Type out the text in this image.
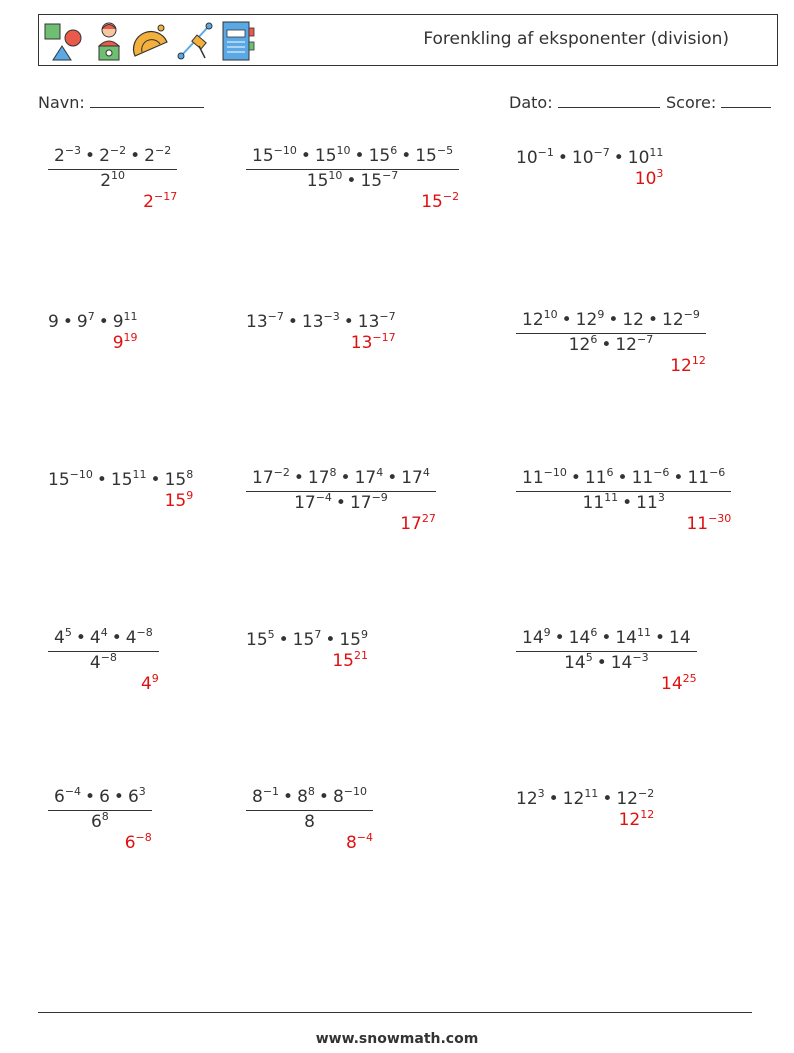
Forenkling af eksponenter (division)
Navn:	Dato:	Score:
$\frac{2^{-3} • 2^{-2} • 2^{-2}}{2^{10}}$
$2^{-17}$
$\frac{15^{-10} • 15^{10} • 15^6 • 15^{-5}}{15^{10} • 15^{-7}}$
$15^{-2}$
$10^{-1}$ • $10^{-7}$ • $10^{11}$
$10^3$
9 • $9^7$ • $9^{11}$
$9^{19}$
$13^{-7}$ • $13^{-3}$ • $13^{-7}$
$13^{-17}$	$\frac{12^{10} • 12^9 • 12 • 12^{-9}}{12^6 • 12^{-7}}$
$12^{12}$
$15^{-10}$ • $15^{11}$ • $15^8$
$15^9$	$\frac{17^{-2} • 17^8 • 17^4 • 17^4}{17^{-4} • 17^{-9}}$
$17^{27}$
$\frac{11^{-10} • 11^6 • 11^{-6} • 11^{-6}}{11^{11} • 11^3}$
$11^{-30}$
$\frac{4^5 • 4^4 • 4^{-8}}{4^{-8}}$
$4^9$
$15^5$ • $15^7$ • $15^9$
$15^{21}$	$\frac{14^9 • 14^6 • 14^{11} • 14}{14^5 • 14^{-3}}$
$14^{25}$
$\frac{6^{-4} • 6 • 6^3}{6^8}$
$6^{-8}$
$\frac{8^{-1} • 8^8 • 8^{-10}}{8}$
$8^{-4}$
$12^3$ • $12^{11}$ • $12^{-2}$
$12^{12}$
www.snowmath.com
